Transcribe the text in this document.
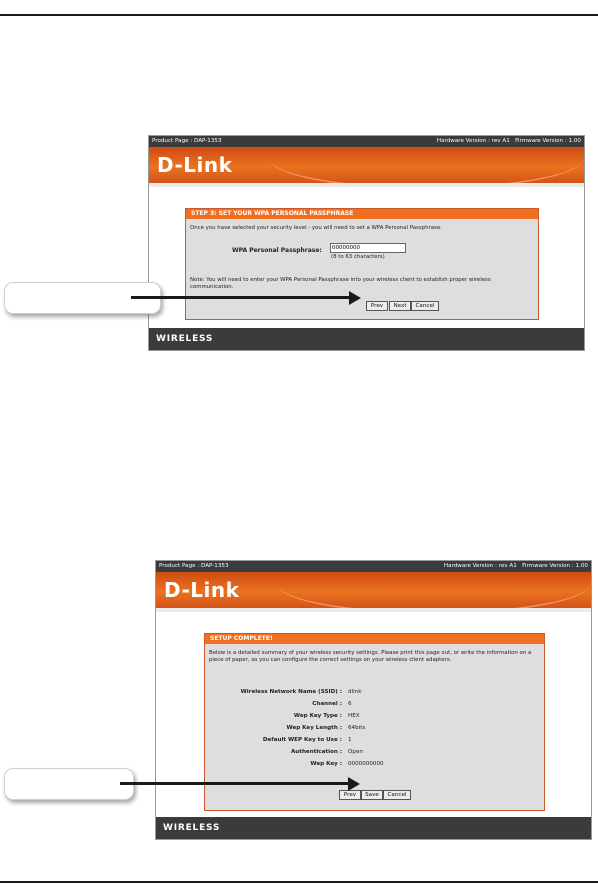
Product Page : DAP-1353	Hardware Version : rev A1 Firmware Version : 1.00
D-Link
STEP 3: SET YOUR WPA PERSONAL PASSPHRASE
Once you have selected your security level - you will need to set a WPA Personal Passphrase.
WPA Personal Passphrase:
00000000
(8 to 63 characters)
Note: You will need to enter your WPA Personal Passphrase into your wireless client to establish proper wireless communication.
Prev	Next	Cancel
WIRELESS
Product Page : DAP-1353	Hardware Version : rev A1 Firmware Version : 1.00
D-Link
SETUP COMPLETE!
Below is a detailed summary of your wireless security settings. Please print this page out, or write the information on a piece of paper, so you can configure the correct settings on your wireless client adapters.
Wireless Network Name (SSID) : dlink
Channel : 6
Wep Key Type : HEX
Wep Key Length : 64bits
Default WEP Key to Use : 1
Authentication : Open
Wep Key : 0000000000
Prev	Save	Cancel
WIRELESS
